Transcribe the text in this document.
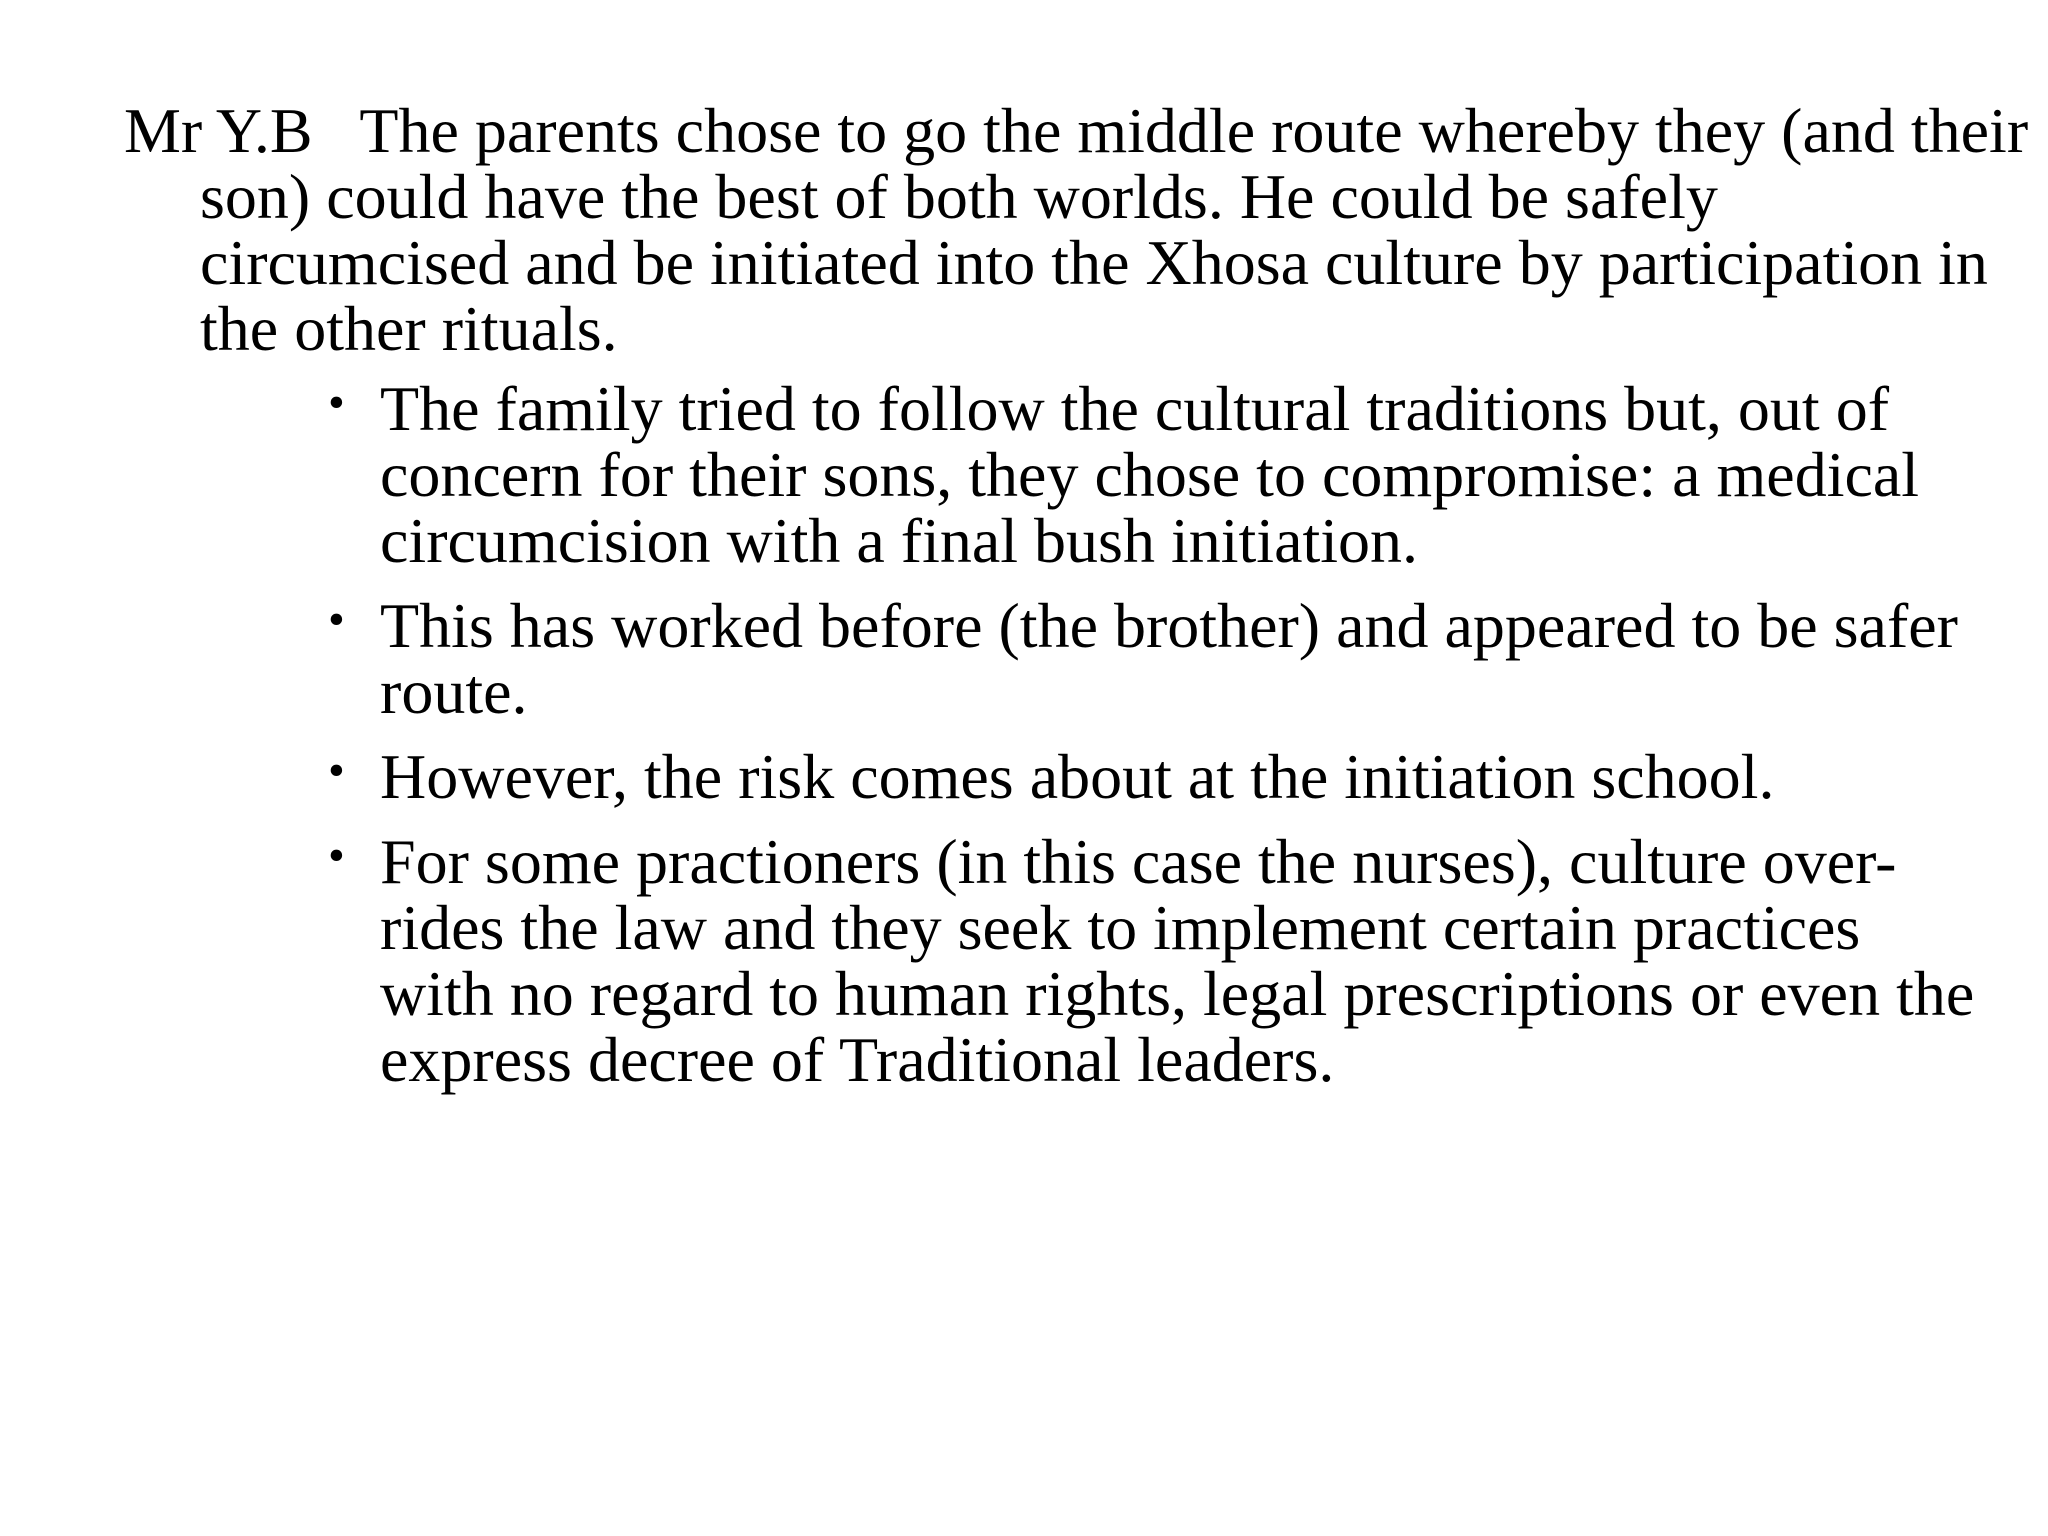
Mr Y.B The parents chose to go the middle route whereby they (and their son) could have the best of both worlds. He could be safely circumcised and be initiated into the Xhosa culture by participation in the other rituals.
• The family tried to follow the cultural traditions but, out of concern for their sons, they chose to compromise: a medical circumcision with a final bush initiation.
• This has worked before (the brother) and appeared to be safer route.
• However, the risk comes about at the initiation school.
• For some practioners (in this case the nurses), culture over-rides the law and they seek to implement certain practices with no regard to human rights, legal prescriptions or even the express decree of Traditional leaders.
